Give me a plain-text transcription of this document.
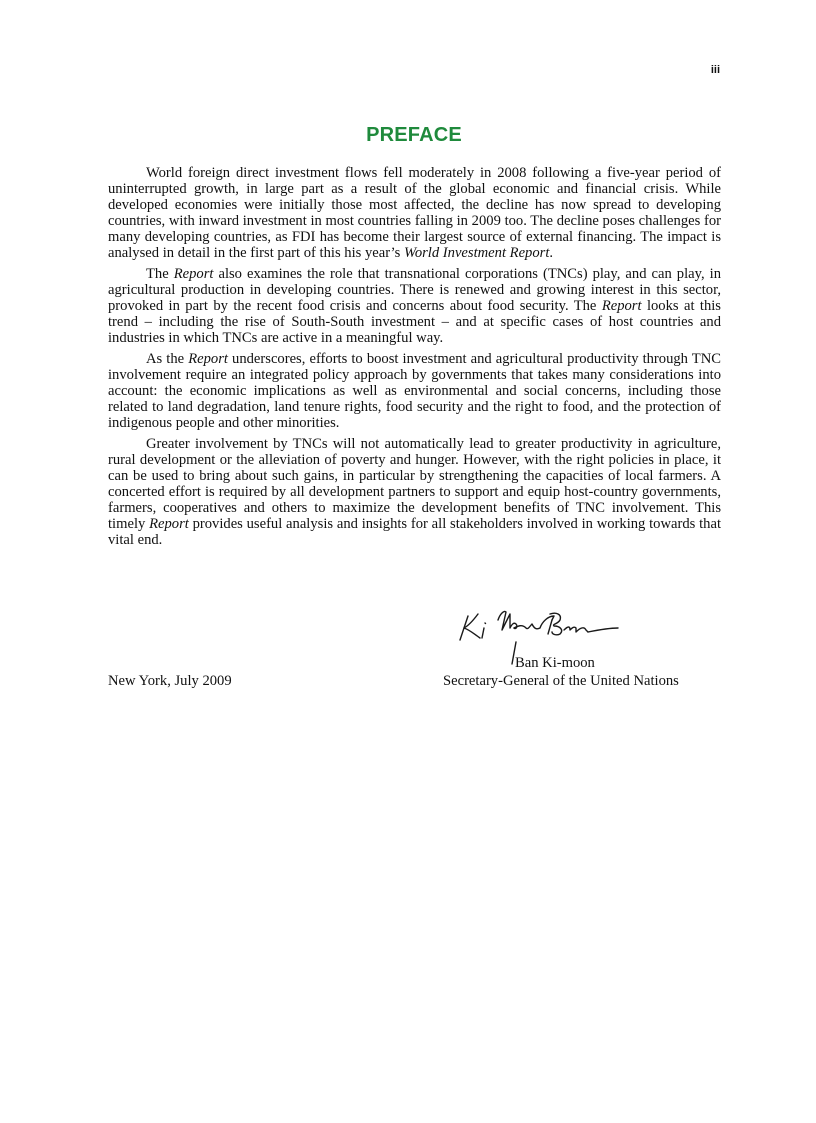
iii
PREFACE

World foreign direct investment flows fell moderately in 2008 following a five-year period of uninterrupted growth, in large part as a result of the global economic and financial crisis. While developed economies were initially those most affected, the decline has now spread to developing countries, with inward investment in most countries falling in 2009 too. The decline poses challenges for many developing countries, as FDI has become their largest source of external financing. The impact is analysed in detail in the first part of this his year’s World Investment Report.

The Report also examines the role that transnational corporations (TNCs) play, and can play, in agricultural production in developing countries. There is renewed and growing interest in this sector, provoked in part by the recent food crisis and concerns about food security. The Report looks at this trend – including the rise of South-South investment – and at specific cases of host countries and industries in which TNCs are active in a meaningful way.

As the Report underscores, efforts to boost investment and agricultural productivity through TNC involvement require an integrated policy approach by governments that takes many considerations into account: the economic implications as well as environmental and social concerns, including those related to land degradation, land tenure rights, food security and the right to food, and the protection of indigenous people and other minorities.

Greater involvement by TNCs will not automatically lead to greater productivity in agriculture, rural development or the alleviation of poverty and hunger. However, with the right policies in place, it can be used to bring about such gains, in particular by strengthening the capacities of local farmers. A concerted effort is required by all development partners to support and equip host-country governments, farmers, cooperatives and others to maximize the development benefits of TNC involvement. This timely Report provides useful analysis and insights for all stakeholders involved in working towards that vital end.

Ban Ki-moon
New York, July 2009	Secretary-General of the United Nations
